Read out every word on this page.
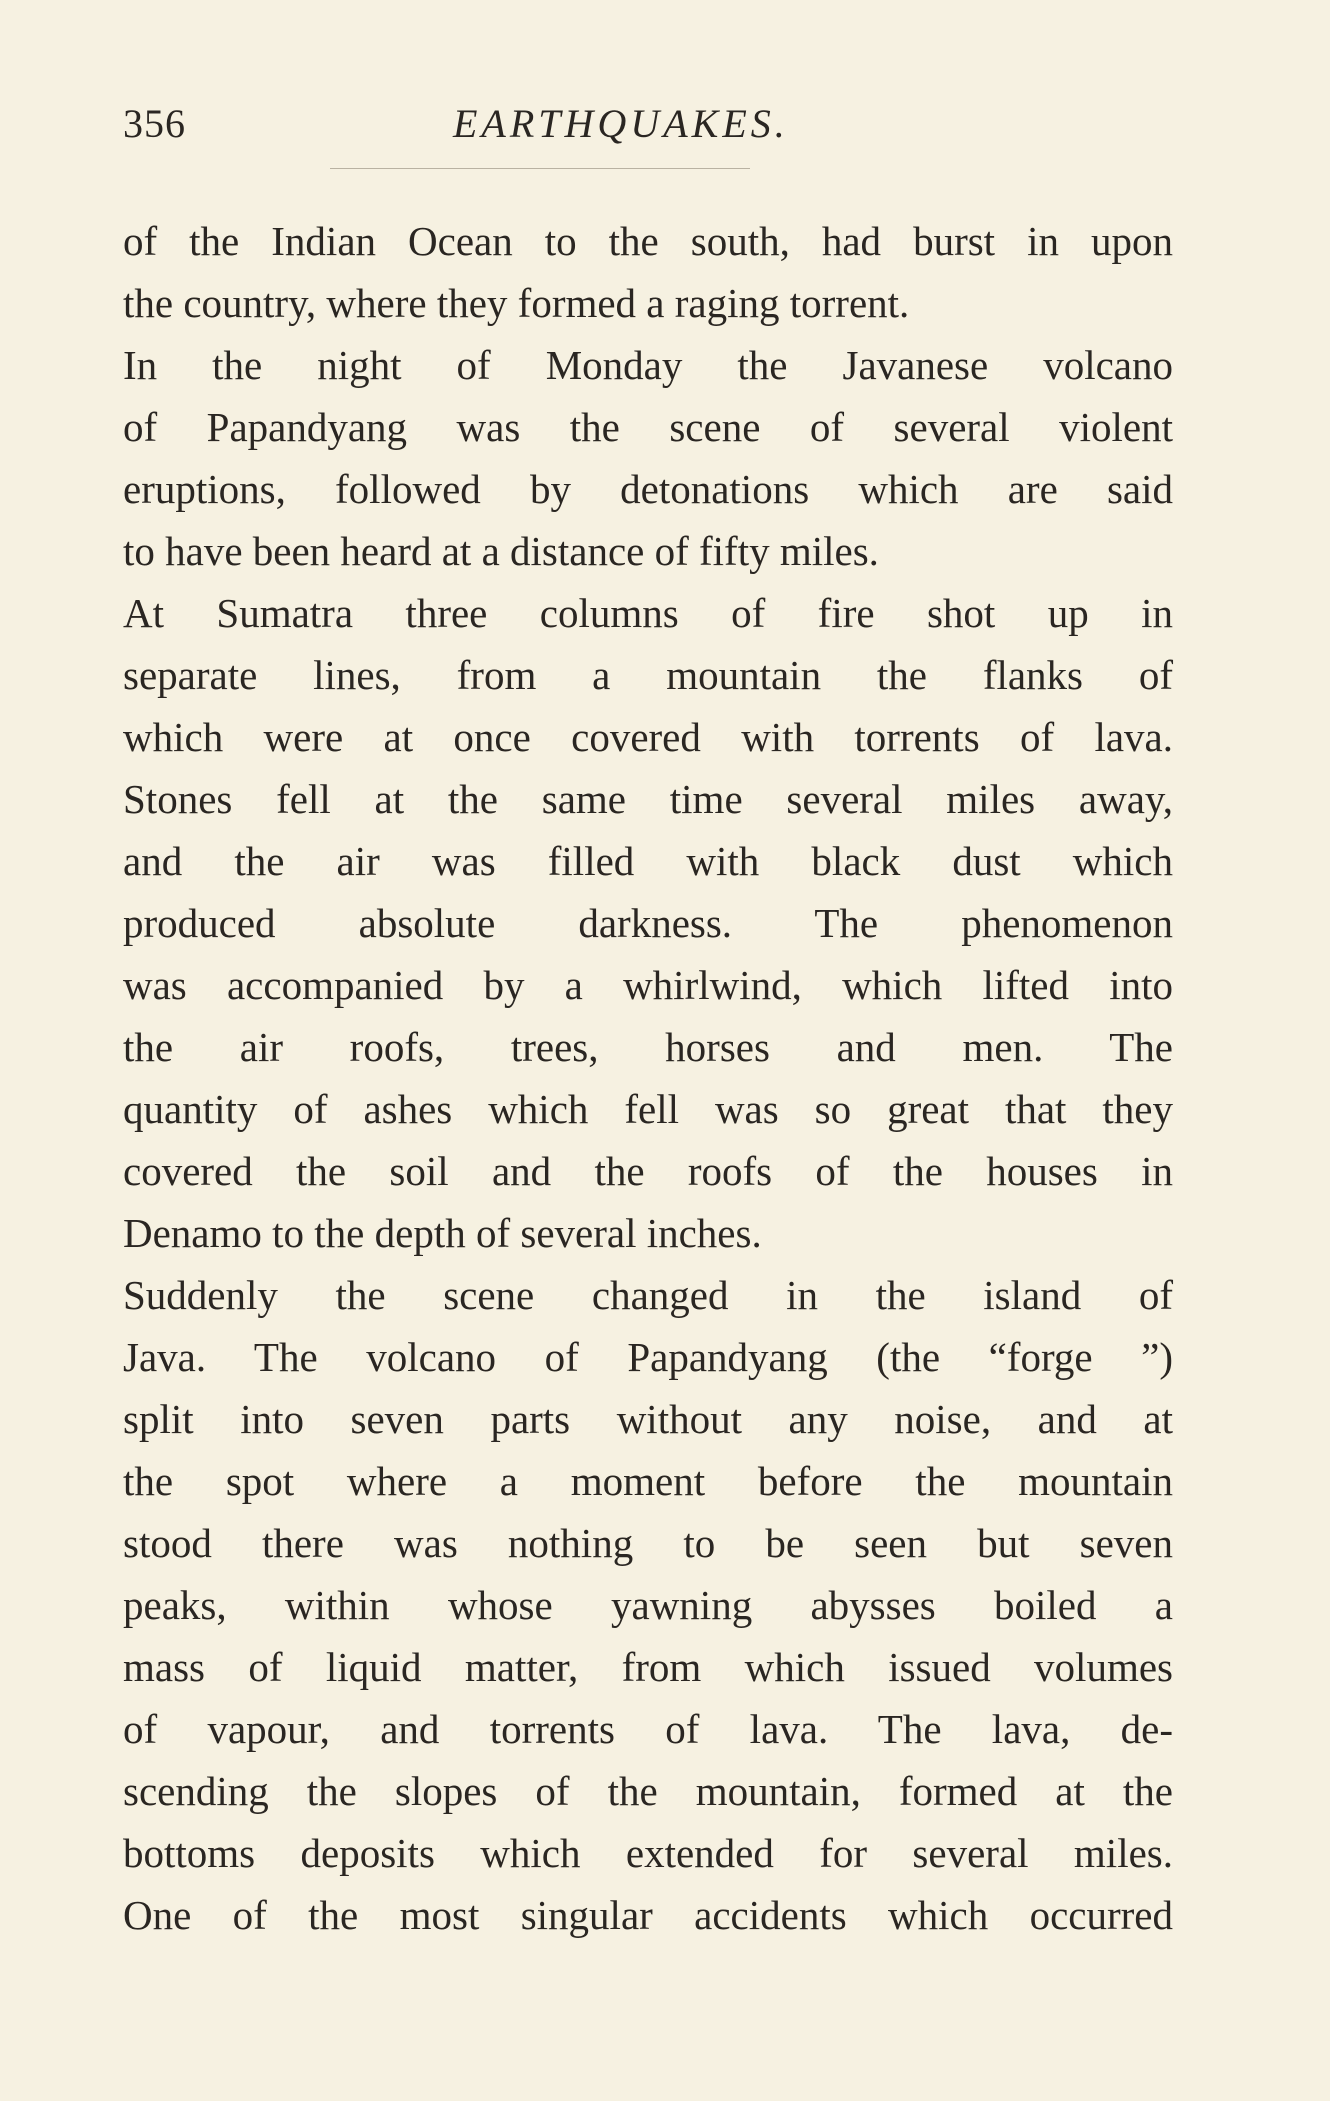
356	EARTHQUAKES.

of the Indian Ocean to the south, had burst in upon
the country, where they formed a raging torrent.

In the night of Monday the Javanese volcano
of Papandyang was the scene of several violent
eruptions, followed by detonations which are said
to have been heard at a distance of fifty miles.

At Sumatra three columns of fire shot up in
separate lines, from a mountain the flanks of
which were at once covered with torrents of lava.
Stones fell at the same time several miles away,
and the air was filled with black dust which
produced absolute darkness. The phenomenon
was accompanied by a whirlwind, which lifted into
the air roofs, trees, horses and men. The
quantity of ashes which fell was so great that they
covered the soil and the roofs of the houses in
Denamo to the depth of several inches.

Suddenly the scene changed in the island of
Java. The volcano of Papandyang (the “forge ”)
split into seven parts without any noise, and at
the spot where a moment before the mountain
stood there was nothing to be seen but seven
peaks, within whose yawning abysses boiled a
mass of liquid matter, from which issued volumes
of vapour, and torrents of lava. The lava, de-
scending the slopes of the mountain, formed at the
bottoms deposits which extended for several miles.
One of the most singular accidents which occurred
